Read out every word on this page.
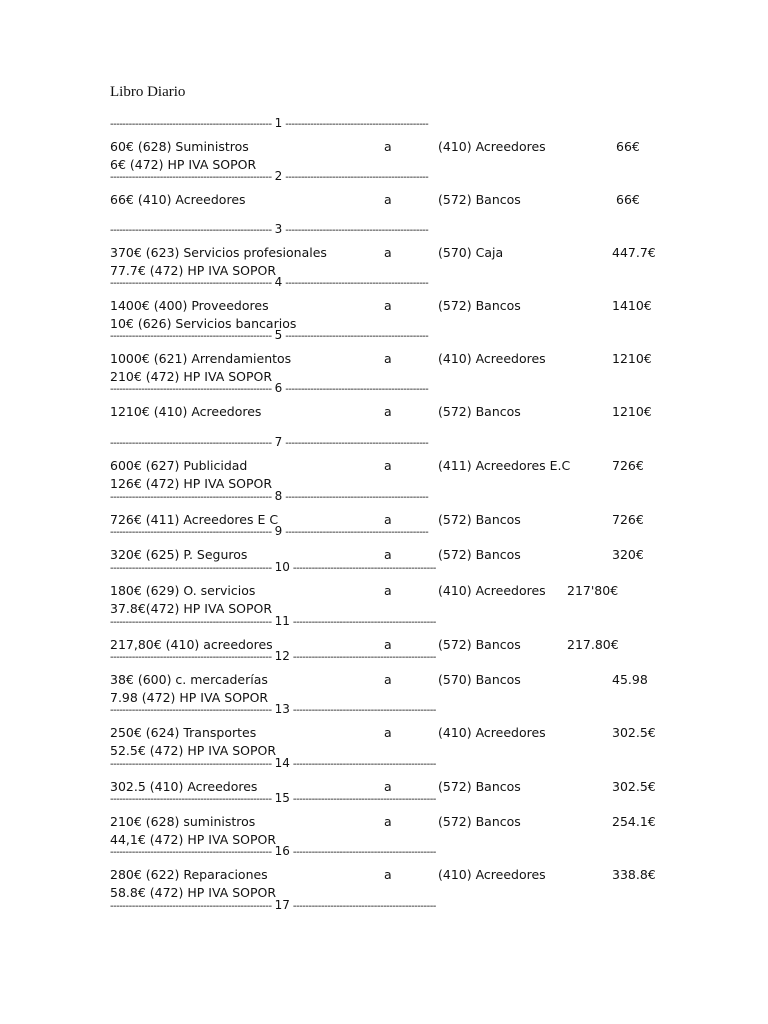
Libro Diario
---------------------------------------------------- 1 ----------------------------------------------
60€ (628) Suministros	a	(410) Acreedores	66€
6€ (472) HP IVA SOPOR
---------------------------------------------------- 2 ----------------------------------------------
66€ (410) Acreedores	a	(572) Bancos	66€
---------------------------------------------------- 3 ----------------------------------------------
370€ (623) Servicios profesionales	a	(570) Caja	447.7€
77.7€ (472) HP IVA SOPOR
---------------------------------------------------- 4 ----------------------------------------------
1400€ (400) Proveedores	a	(572) Bancos	1410€
10€ (626) Servicios bancarios
---------------------------------------------------- 5 ----------------------------------------------
1000€ (621) Arrendamientos	a	(410) Acreedores	1210€
210€ (472) HP IVA SOPOR
---------------------------------------------------- 6 ----------------------------------------------
1210€ (410) Acreedores	a	(572) Bancos	1210€
---------------------------------------------------- 7 ----------------------------------------------
600€ (627) Publicidad	a	(411) Acreedores E.C	726€
126€ (472) HP IVA SOPOR
---------------------------------------------------- 8 ----------------------------------------------
726€ (411) Acreedores E C	a	(572) Bancos	726€
---------------------------------------------------- 9 ----------------------------------------------
320€ (625) P. Seguros	a	(572) Bancos	320€
---------------------------------------------------- 10 ----------------------------------------------
180€ (629) O. servicios	a	(410) Acreedores 217'80€
37.8€(472) HP IVA SOPOR
---------------------------------------------------- 11 ----------------------------------------------
217,80€ (410) acreedores	a	(572) Bancos	217.80€
---------------------------------------------------- 12 ----------------------------------------------
38€ (600) c. mercaderías	a	(570) Bancos	45.98
7.98 (472) HP IVA SOPOR
---------------------------------------------------- 13 ----------------------------------------------
250€ (624) Transportes	a	(410) Acreedores	302.5€
52.5€ (472) HP IVA SOPOR
---------------------------------------------------- 14 ----------------------------------------------
302.5 (410) Acreedores	a	(572) Bancos	302.5€
---------------------------------------------------- 15 ----------------------------------------------
210€ (628) suministros	a	(572) Bancos	254.1€
44,1€ (472) HP IVA SOPOR
---------------------------------------------------- 16 ----------------------------------------------
280€ (622) Reparaciones	a	(410) Acreedores	338.8€
58.8€ (472) HP IVA SOPOR
---------------------------------------------------- 17 ----------------------------------------------
